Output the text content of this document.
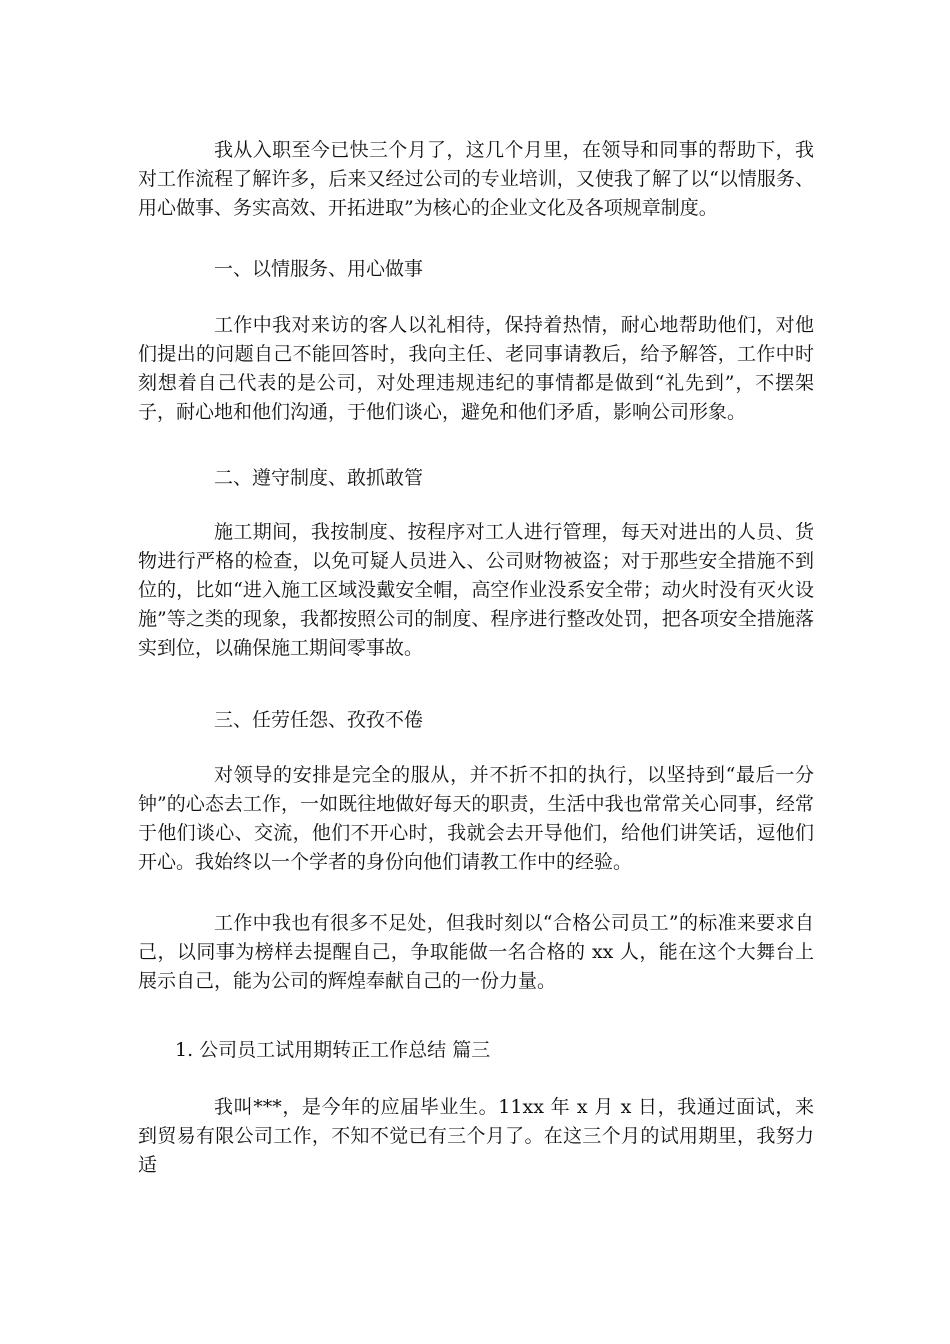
我从入职至今已快三个月了，这几个月里，在领导和同事的帮助下，我对工作流程了解许多，后来又经过公司的专业培训，又使我了解了以“以情服务、用心做事、务实高效、开拓进取”为核心的企业文化及各项规章制度。

一、以情服务、用心做事

工作中我对来访的客人以礼相待，保持着热情，耐心地帮助他们，对他们提出的问题自己不能回答时，我向主任、老同事请教后，给予解答，工作中时刻想着自己代表的是公司，对处理违规违纪的事情都是做到“礼先到”，不摆架子，耐心地和他们沟通，于他们谈心，避免和他们矛盾，影响公司形象。

二、遵守制度、敢抓敢管

施工期间，我按制度、按程序对工人进行管理，每天对进出的人员、货物进行严格的检查，以免可疑人员进入、公司财物被盗；对于那些安全措施不到位的，比如“进入施工区域没戴安全帽，高空作业没系安全带；动火时没有灭火设施”等之类的现象，我都按照公司的制度、程序进行整改处罚，把各项安全措施落实到位，以确保施工期间零事故。

三、任劳任怨、孜孜不倦

对领导的安排是完全的服从，并不折不扣的执行，以坚持到“最后一分钟”的心态去工作，一如既往地做好每天的职责，生活中我也常常关心同事，经常于他们谈心、交流，他们不开心时，我就会去开导他们，给他们讲笑话，逗他们开心。我始终以一个学者的身份向他们请教工作中的经验。

工作中我也有很多不足处，但我时刻以“合格公司员工”的标准来要求自己，以同事为榜样去提醒自己，争取能做一名合格的 xx 人，能在这个大舞台上展示自己，能为公司的辉煌奉献自己的一份力量。

1. 公司员工试用期转正工作总结 篇三

我叫***，是今年的应届毕业生。11xx 年 x 月 x 日，我通过面试，来到贸易有限公司工作，不知不觉已有三个月了。在这三个月的试用期里，我努力适
